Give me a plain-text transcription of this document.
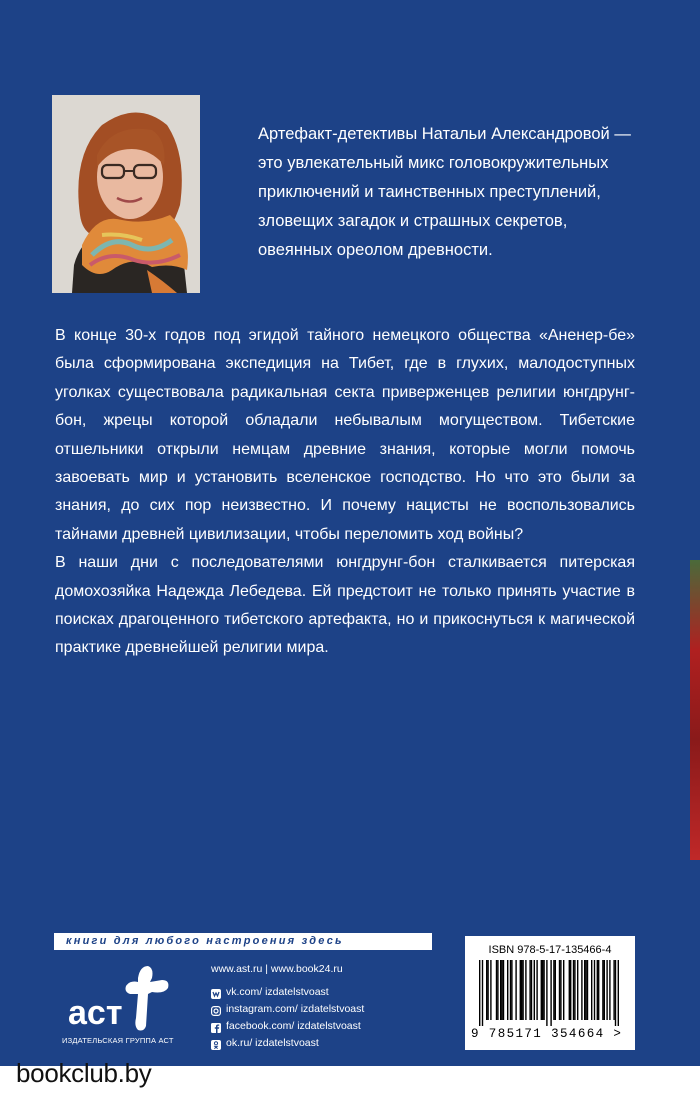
Артефакт-детективы Натальи Александровой —

это увлекательный микс головокружительных

приключений и таинственных преступлений,

зловещих загадок и страшных секретов,

овеянных ореолом древности.

В конце 30-х годов под эгидой тайного немецкого общества «Аненер-бе» была сформирована экспедиция на Тибет, где в глухих, малодоступных уголках существовала радикальная секта приверженцев религии юнгдрунг-бон, жрецы которой обладали небывалым могуществом. Тибетские отшельники открыли немцам древние знания, которые могли помочь завоевать мир и установить вселенское господство. Но что это были за знания, до сих пор неизвестно. И почему нацисты не воспользовались тайнами древней цивилизации, чтобы переломить ход войны?

В наши дни с последователями юнгдрунг-бон сталкивается питерская домохозяйка Надежда Лебедева. Ей предстоит не только принять участие в поисках драгоценного тибетского артефакта, но и прикоснуться к магической практике древнейшей религии мира.

книги для любого настроения здесь
аст
ИЗДАТЕЛЬСКАЯ ГРУППА АСТ
www.ast.ru | www.book24.ru
vk.com/ izdatelstvoast
instagram.com/ izdatelstvoast
facebook.com/ izdatelstvoast
ok.ru/ izdatelstvoast
ISBN 978-5-17-135466-4
9 785171 354664 >
bookclub.by
